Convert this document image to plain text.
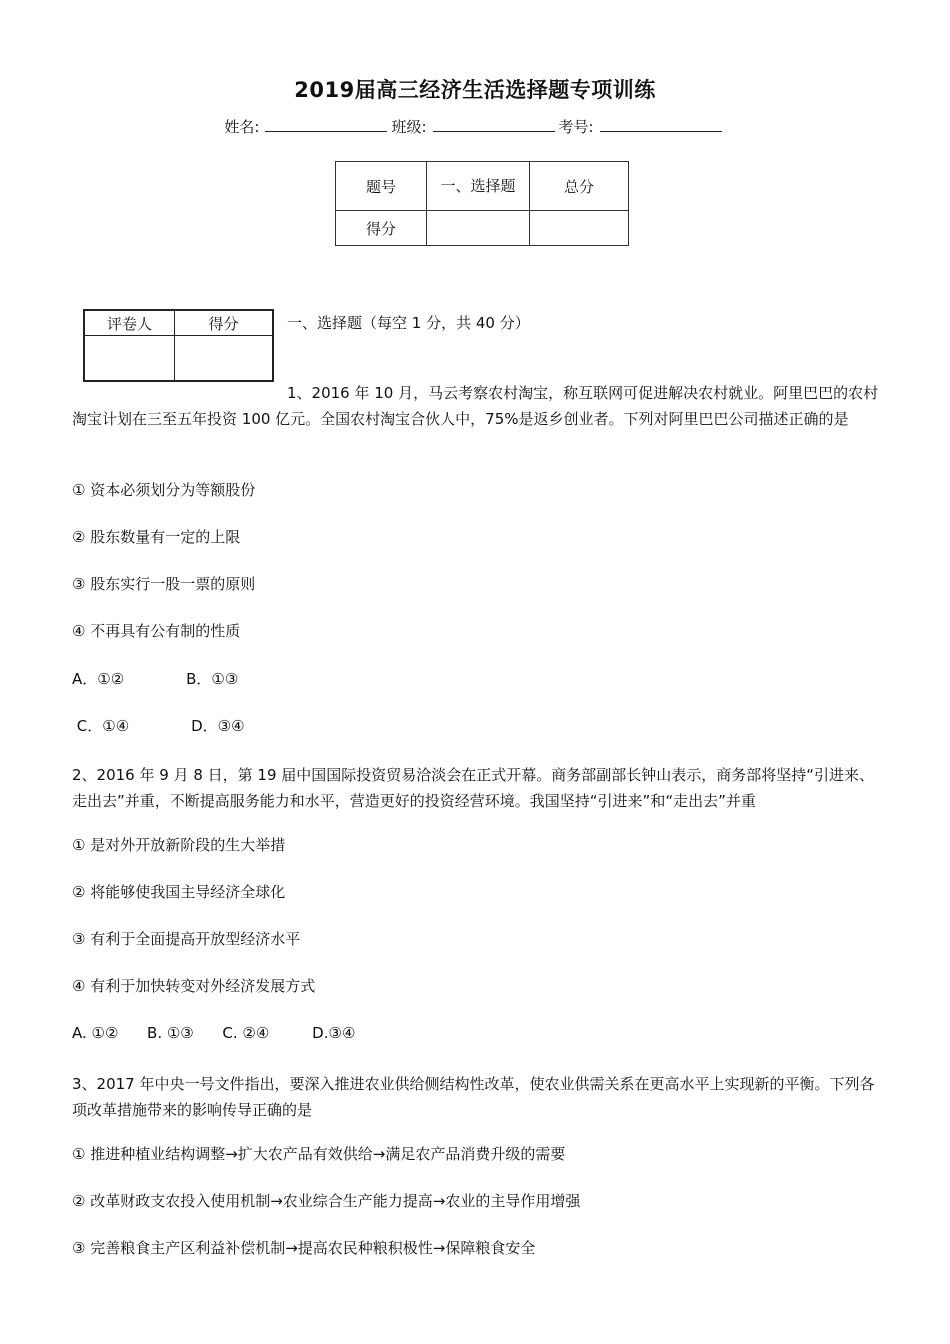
2019届高三经济生活选择题专项训练
姓名:	班级:	考号:
题号	一、选择题	总分
得分		
评卷人	得分
		一、选择题（每空 1 分，共 40 分）

1、2016 年 10 月，马云考察农村淘宝，称互联网可促进解决农村就业。阿里巴巴的农村淘宝计划在三至五年投资 100 亿元。全国农村淘宝合伙人中，75%是返乡创业者。下列对阿里巴巴公司描述正确的是

① 资本必须划分为等额股份
② 股东数量有一定的上限
③ 股东实行一股一票的原则
④ 不再具有公有制的性质
A．①②             B．①③
C．①④             D．③④

2、2016 年 9 月 8 日，第 19 届中国国际投资贸易洽淡会在正式开幕。商务部副部长钟山表示，商务部将坚持“引进来、走出去”并重，不断提高服务能力和水平，营造更好的投资经营环境。我国坚持“引进来”和“走出去”并重

① 是对外开放新阶段的生大举措
② 将能够使我国主导经济全球化
③ 有利于全面提高开放型经济水平
④ 有利于加快转变对外经济发展方式
A. ①②      B. ①③      C. ②④         D.③④

3、2017 年中央一号文件指出，要深入推进农业供给侧结构性改革，使农业供需关系在更高水平上实现新的平衡。下列各项改革措施带来的影响传导正确的是

① 推进种植业结构调整→扩大农产品有效供给→满足农产品消费升级的需要
② 改革财政支农投入使用机制→农业综合生产能力提高→农业的主导作用增强
③ 完善粮食主产区利益补偿机制→提高农民种粮积极性→保障粮食安全
